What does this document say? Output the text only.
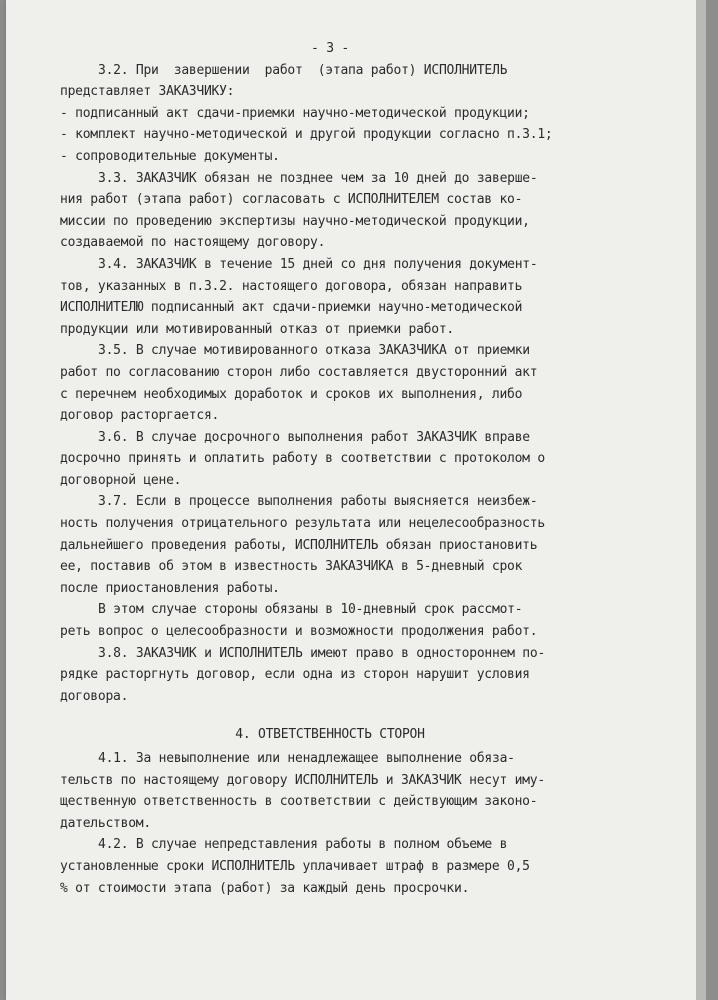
- 3 -
3.2. При  завершении  работ  (этапа работ) ИСПОЛНИТЕЛЬ
представляет ЗАКАЗЧИКУ:
- подписанный акт сдачи-приемки научно-методической продукции;
- комплект научно-методической и другой продукции согласно п.3.1;
- сопроводительные документы.
3.3. ЗАКАЗЧИК обязан не позднее чем за 10 дней до заверше-
ния работ (этапа работ) согласовать с ИСПОЛНИТЕЛЕМ состав ко-
миссии по проведению экспертизы научно-методической продукции,
создаваемой по настоящему договору.
3.4. ЗАКАЗЧИК в течение 15 дней со дня получения документ-
тов, указанных в п.3.2. настоящего договора, обязан направить
ИСПОЛНИТЕЛЮ подписанный акт сдачи-приемки научно-методической
продукции или мотивированный отказ от приемки работ.
3.5. В случае мотивированного отказа ЗАКАЗЧИКА от приемки
работ по согласованию сторон либо составляется двусторонний акт
с перечнем необходимых доработок и сроков их выполнения, либо
договор расторгается.
3.6. В случае досрочного выполнения работ ЗАКАЗЧИК вправе
досрочно принять и оплатить работу в соответствии с протоколом о
договорной цене.
3.7. Если в процессе выполнения работы выясняется неизбеж-
ность получения отрицательного результата или нецелесообразность
дальнейшего проведения работы, ИСПОЛНИТЕЛЬ обязан приостановить
ее, поставив об этом в известность ЗАКАЗЧИКА в 5-дневный срок
после приостановления работы.
В этом случае стороны обязаны в 10-дневный срок рассмот-
реть вопрос о целесообразности и возможности продолжения работ.
3.8. ЗАКАЗЧИК и ИСПОЛНИТЕЛЬ имеют право в одностороннем по-
рядке расторгнуть договор, если одна из сторон нарушит условия
договора.
4. ОТВЕТСТВЕННОСТЬ СТОРОН
4.1. За невыполнение или ненадлежащее выполнение обяза-
тельств по настоящему договору ИСПОЛНИТЕЛЬ и ЗАКАЗЧИК несут иму-
щественную ответственность в соответствии с действующим законо-
дательством.
4.2. В случае непредставления работы в полном объеме в
установленные сроки ИСПОЛНИТЕЛЬ уплачивает штраф в размере 0,5
% от стоимости этапа (работ) за каждый день просрочки.
